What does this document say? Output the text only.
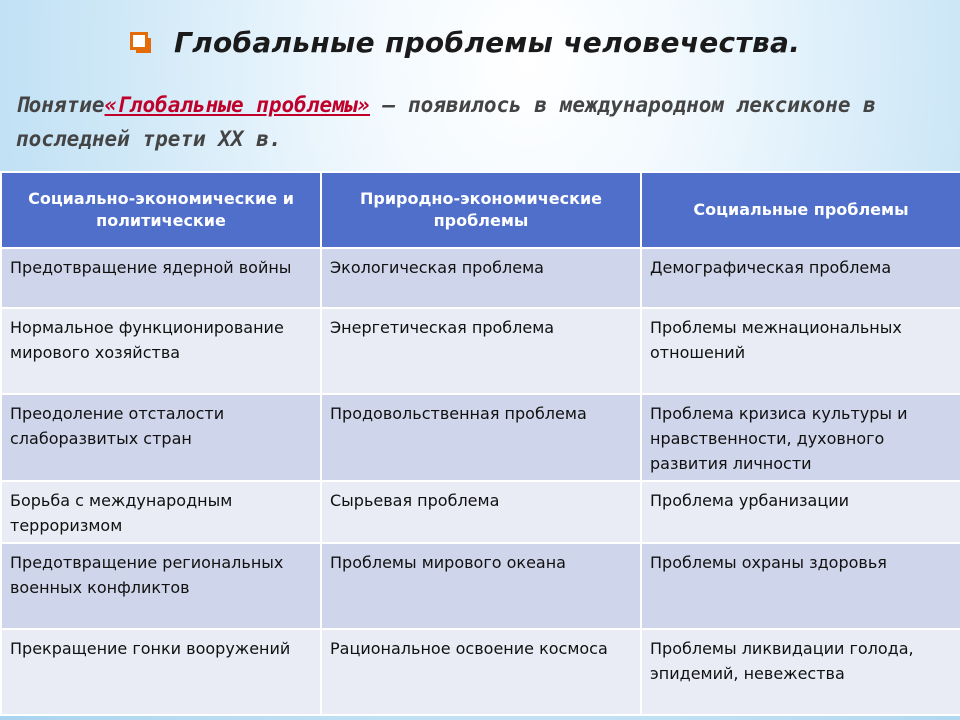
Глобальные проблемы человечества.
Понятие«Глобальные проблемы» – появилось в международном лексиконе в последней трети XX в.
Социально-экономические и политические	Природно-экономические проблемы	Социальные проблемы
Предотвращение ядерной войны	Экологическая проблема	Демографическая проблема
Нормальное функционирование мирового хозяйства	Энергетическая проблема	Проблемы межнациональных отношений
Преодоление отсталости слаборазвитых стран	Продовольственная проблема	Проблема кризиса культуры и нравственности, духовного развития личности
Борьба с международным терроризмом	Сырьевая проблема	Проблема урбанизации
Предотвращение региональных военных конфликтов	Проблемы мирового океана	Проблемы охраны здоровья
Прекращение гонки вооружений	Рациональное освоение космоса	Проблемы ликвидации голода, эпидемий, невежества
